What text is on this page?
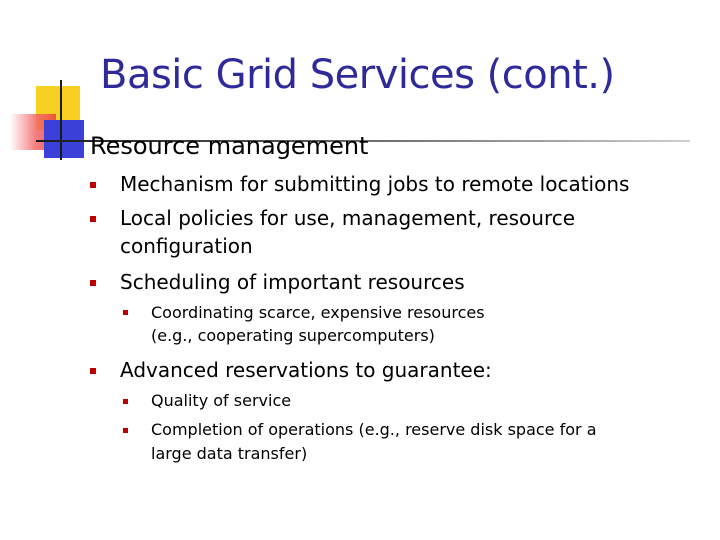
Basic Grid Services (cont.)
Resource management
Mechanism for submitting jobs to remote locations
Local policies for use, management, resource
configuration
Scheduling of important resources
Coordinating scarce, expensive resources
(e.g., cooperating supercomputers)
Advanced reservations to guarantee:
Quality of service
Completion of operations (e.g., reserve disk space for a
large data transfer)
